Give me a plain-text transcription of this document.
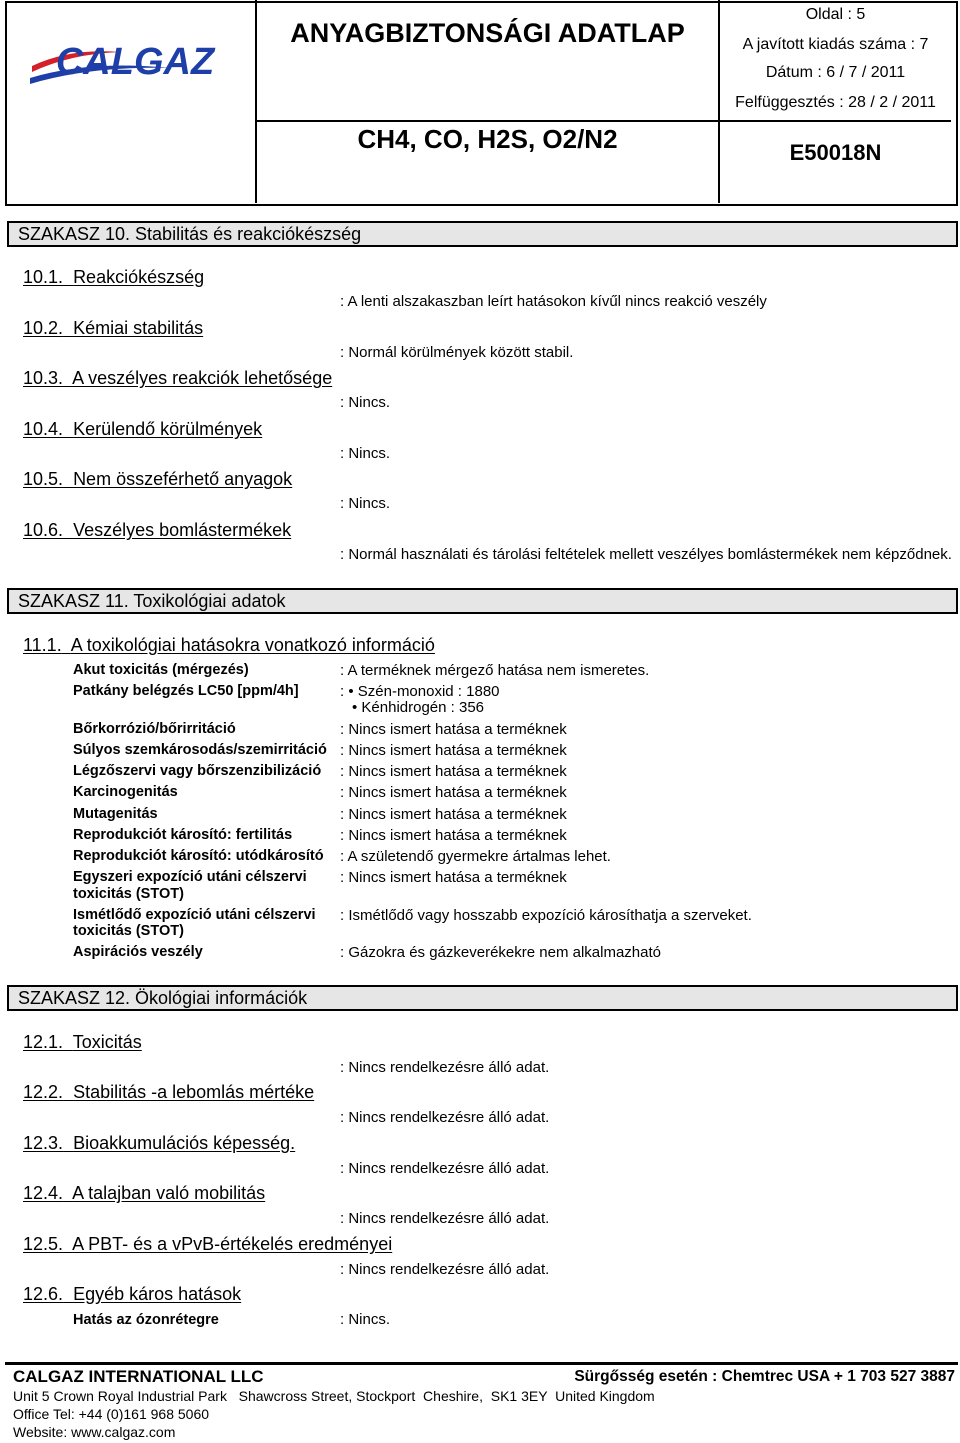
CALGAZ
ANYAGBIZTONSÁGI ADATLAP
CH4, CO, H2S, O2/N2
Oldal : 5
A javított kiadás száma : 7
Dátum : 6 / 7 / 2011
Felfüggesztés : 28 / 2 / 2011
E50018N
SZAKASZ 10. Stabilitás és reakciókészség
10.1. Reakciókészség
: A lenti alszakaszban leírt hatásokon kívűl nincs reakció veszély
10.2. Kémiai stabilitás
: Normál körülmények között stabil.
10.3. A veszélyes reakciók lehetősége
: Nincs.
10.4. Kerülendő körülmények
: Nincs.
10.5. Nem összeférhető anyagok
: Nincs.
10.6. Veszélyes bomlástermékek
: Normál használati és tárolási feltételek mellett veszélyes bomlástermékek nem képződnek.
SZAKASZ 11. Toxikológiai adatok
11.1. A toxikológiai hatásokra vonatkozó információ
Akut toxicitás (mérgezés)	: A terméknek mérgező hatása nem ismeretes.
Patkány belégzés LC50 [ppm/4h]	: • Szén-monoxid : 1880
• Kénhidrogén : 356
Bőrkorrózió/bőrirritáció	: Nincs ismert hatása a terméknek
Súlyos szemkárosodás/szemirritáció : Nincs ismert hatása a terméknek
Légzőszervi vagy bőrszenzibilizáció : Nincs ismert hatása a terméknek
Karcinogenitás	: Nincs ismert hatása a terméknek
Mutagenitás	: Nincs ismert hatása a terméknek
Reprodukciót károsító: fertilitás	: Nincs ismert hatása a terméknek
Reprodukciót károsító: utódkárosító : A születendő gyermekre ártalmas lehet.
Egyszeri expozíció utáni célszervi
toxicitás (STOT)
: Nincs ismert hatása a terméknek
Ismétlődő expozíció utáni célszervi
toxicitás (STOT)
: Ismétlődő vagy hosszabb expozíció károsíthatja a szerveket.
Aspirációs veszély	: Gázokra és gázkeverékekre nem alkalmazható
SZAKASZ 12. Ökológiai információk
12.1. Toxicitás
: Nincs rendelkezésre álló adat.
12.2. Stabilitás -a lebomlás mértéke
: Nincs rendelkezésre álló adat.
12.3. Bioakkumulációs képesség.
: Nincs rendelkezésre álló adat.
12.4. A talajban való mobilitás
: Nincs rendelkezésre álló adat.
12.5. A PBT- és a vPvB-értékelés eredményei
: Nincs rendelkezésre álló adat.
12.6. Egyéb káros hatások
Hatás az ózonrétegre	: Nincs.
CALGAZ INTERNATIONAL LLC	Sürgősség esetén : Chemtrec USA + 1 703 527 3887
Unit 5 Crown Royal Industrial Park   Shawcross Street, Stockport  Cheshire,  SK1 3EY  United Kingdom
Office Tel: +44 (0)161 968 5060
Website: www.calgaz.com
